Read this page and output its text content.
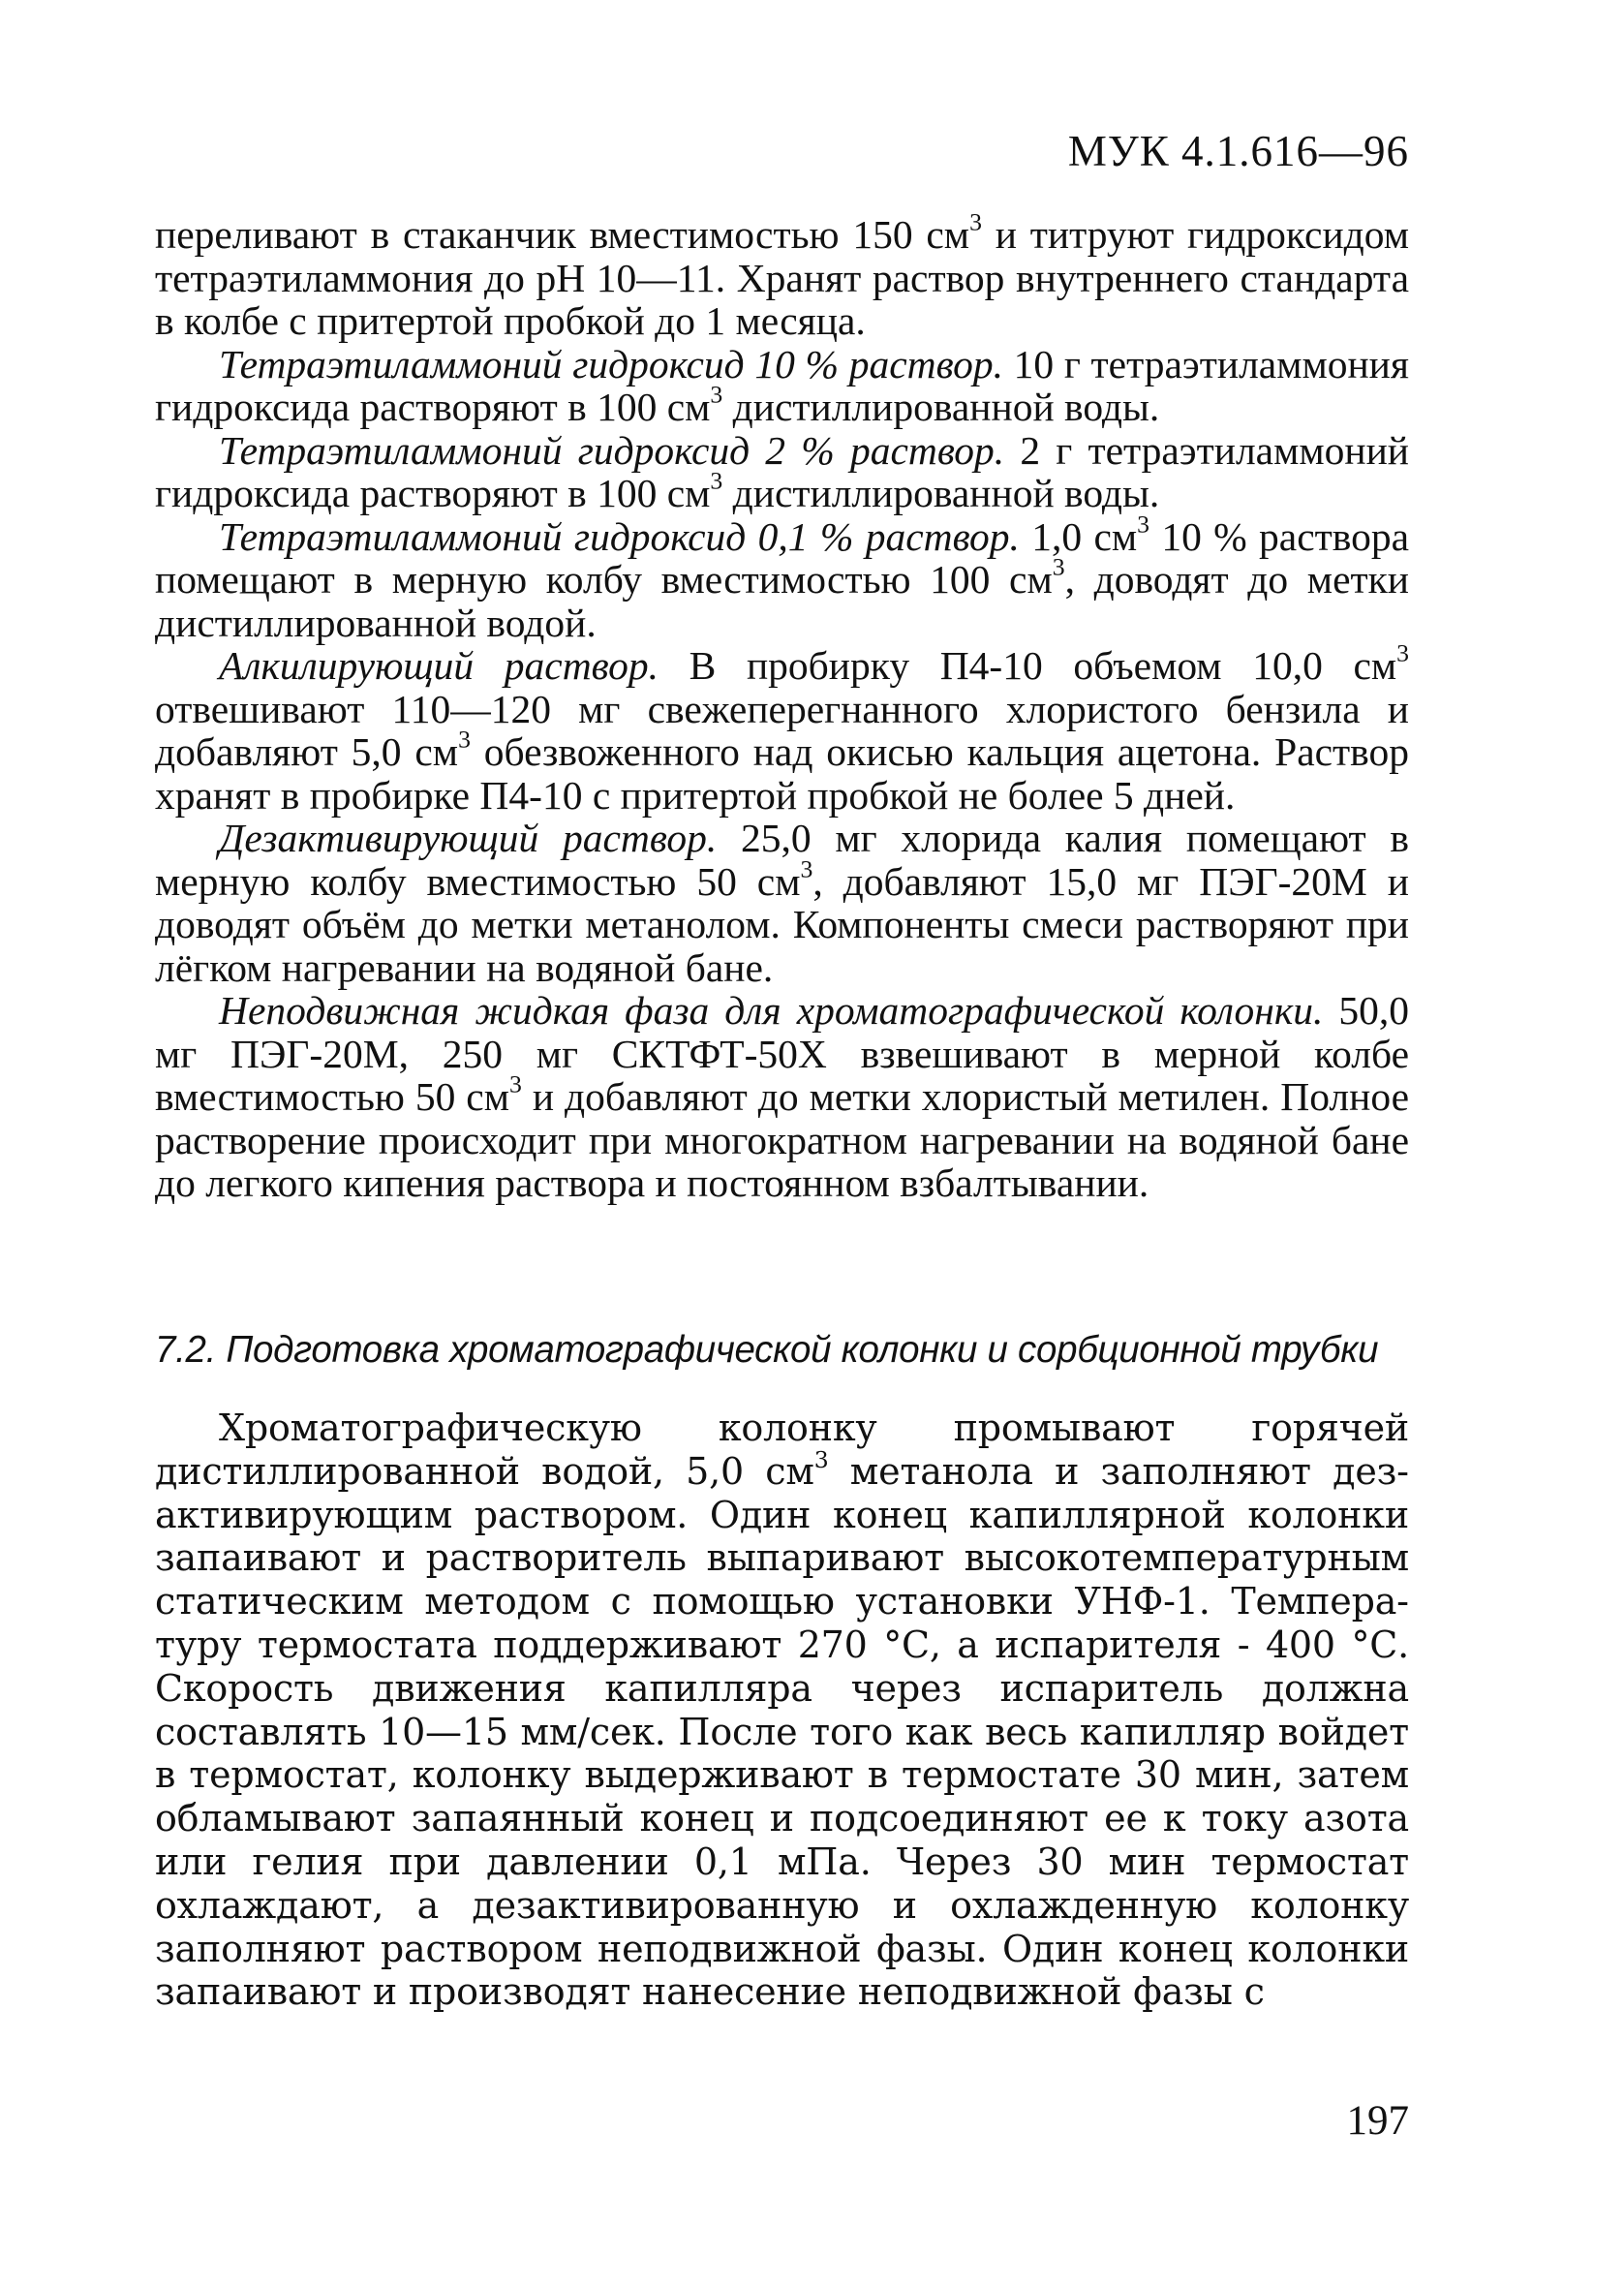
МУК 4.1.616—96

переливают в стаканчик вместимостью 150 $см^3$ и титруют гидроксидом тетраэтиламмония до pH 10—11. Хранят раствор внутреннего стандарта в колбе с притертой пробкой до 1 месяца.

Тетраэтиламмоний гидроксид 10 % раствор. 10 г тетраэтиламмония гидроксида растворяют в 100 $см^3$ дистиллированной воды.

Тетраэтиламмоний гидроксид 2 % раствор. 2 г тетраэтиламмоний гидроксида растворяют в 100 $см^3$ дистиллированной воды.

Тетраэтиламмоний гидроксид 0,1 % раствор. 1,0 $см^3$ 10 % раствора помещают в мерную колбу вместимостью 100 $см^3$, доводят до метки дистиллированной водой.

Алкилирующий раствор. В пробирку П4-10 объемом 10,0 $см^3$ отвешивают 110—120 мг свежеперегнанного хлористого бензила и добавляют 5,0 $см^3$ обезвоженного над окисью кальция ацетона. Раствор хранят в пробирке П4-10 с притертой пробкой не более 5 дней.

Дезактивирующий раствор. 25,0 мг хлорида калия помещают в мерную колбу вместимостью 50 $см^3$, добавляют 15,0 мг ПЭГ-20М и доводят объём до метки метанолом. Компоненты смеси растворяют при лёгком нагревании на водяной бане.

Неподвижная жидкая фаза для хроматографической колонки. 50,0 мг ПЭГ-20М, 250 мг СКТФТ-50Х взвешивают в мерной колбе вместимостью 50 $см^3$ и добавляют до метки хлористый метилен. Полное растворение происходит при многократном нагревании на водяной бане до легкого кипения раствора и постоянном взбалтывании.

7.2. Подготовка хроматографической колонки и сорбционной трубки

Хроматографическую колонку промывают горячей дистиллированной водой, 5,0 $см^3$ метанола и заполняют дезактивирующим раствором. Один конец капиллярной колонки запаивают и растворитель выпаривают высокотемпературным статическим методом с помощью установки УНФ-1. Температуру термостата поддерживают 270 °С, а испарителя - 400 °С. Скорость движения капилляра через испаритель должна составлять 10—15 мм/сек. После того как весь капилляр войдет в термостат, колонку выдерживают в термостате 30 мин, затем обламывают запаянный конец и подсоединяют ее к току азота или гелия при давлении 0,1 мПа. Через 30 мин термостат охлаждают, а дезактивированную и охлажденную колонку заполняют раствором неподвижной фазы. Один конец колонки запаивают и производят нанесение неподвижной фазы с

197
